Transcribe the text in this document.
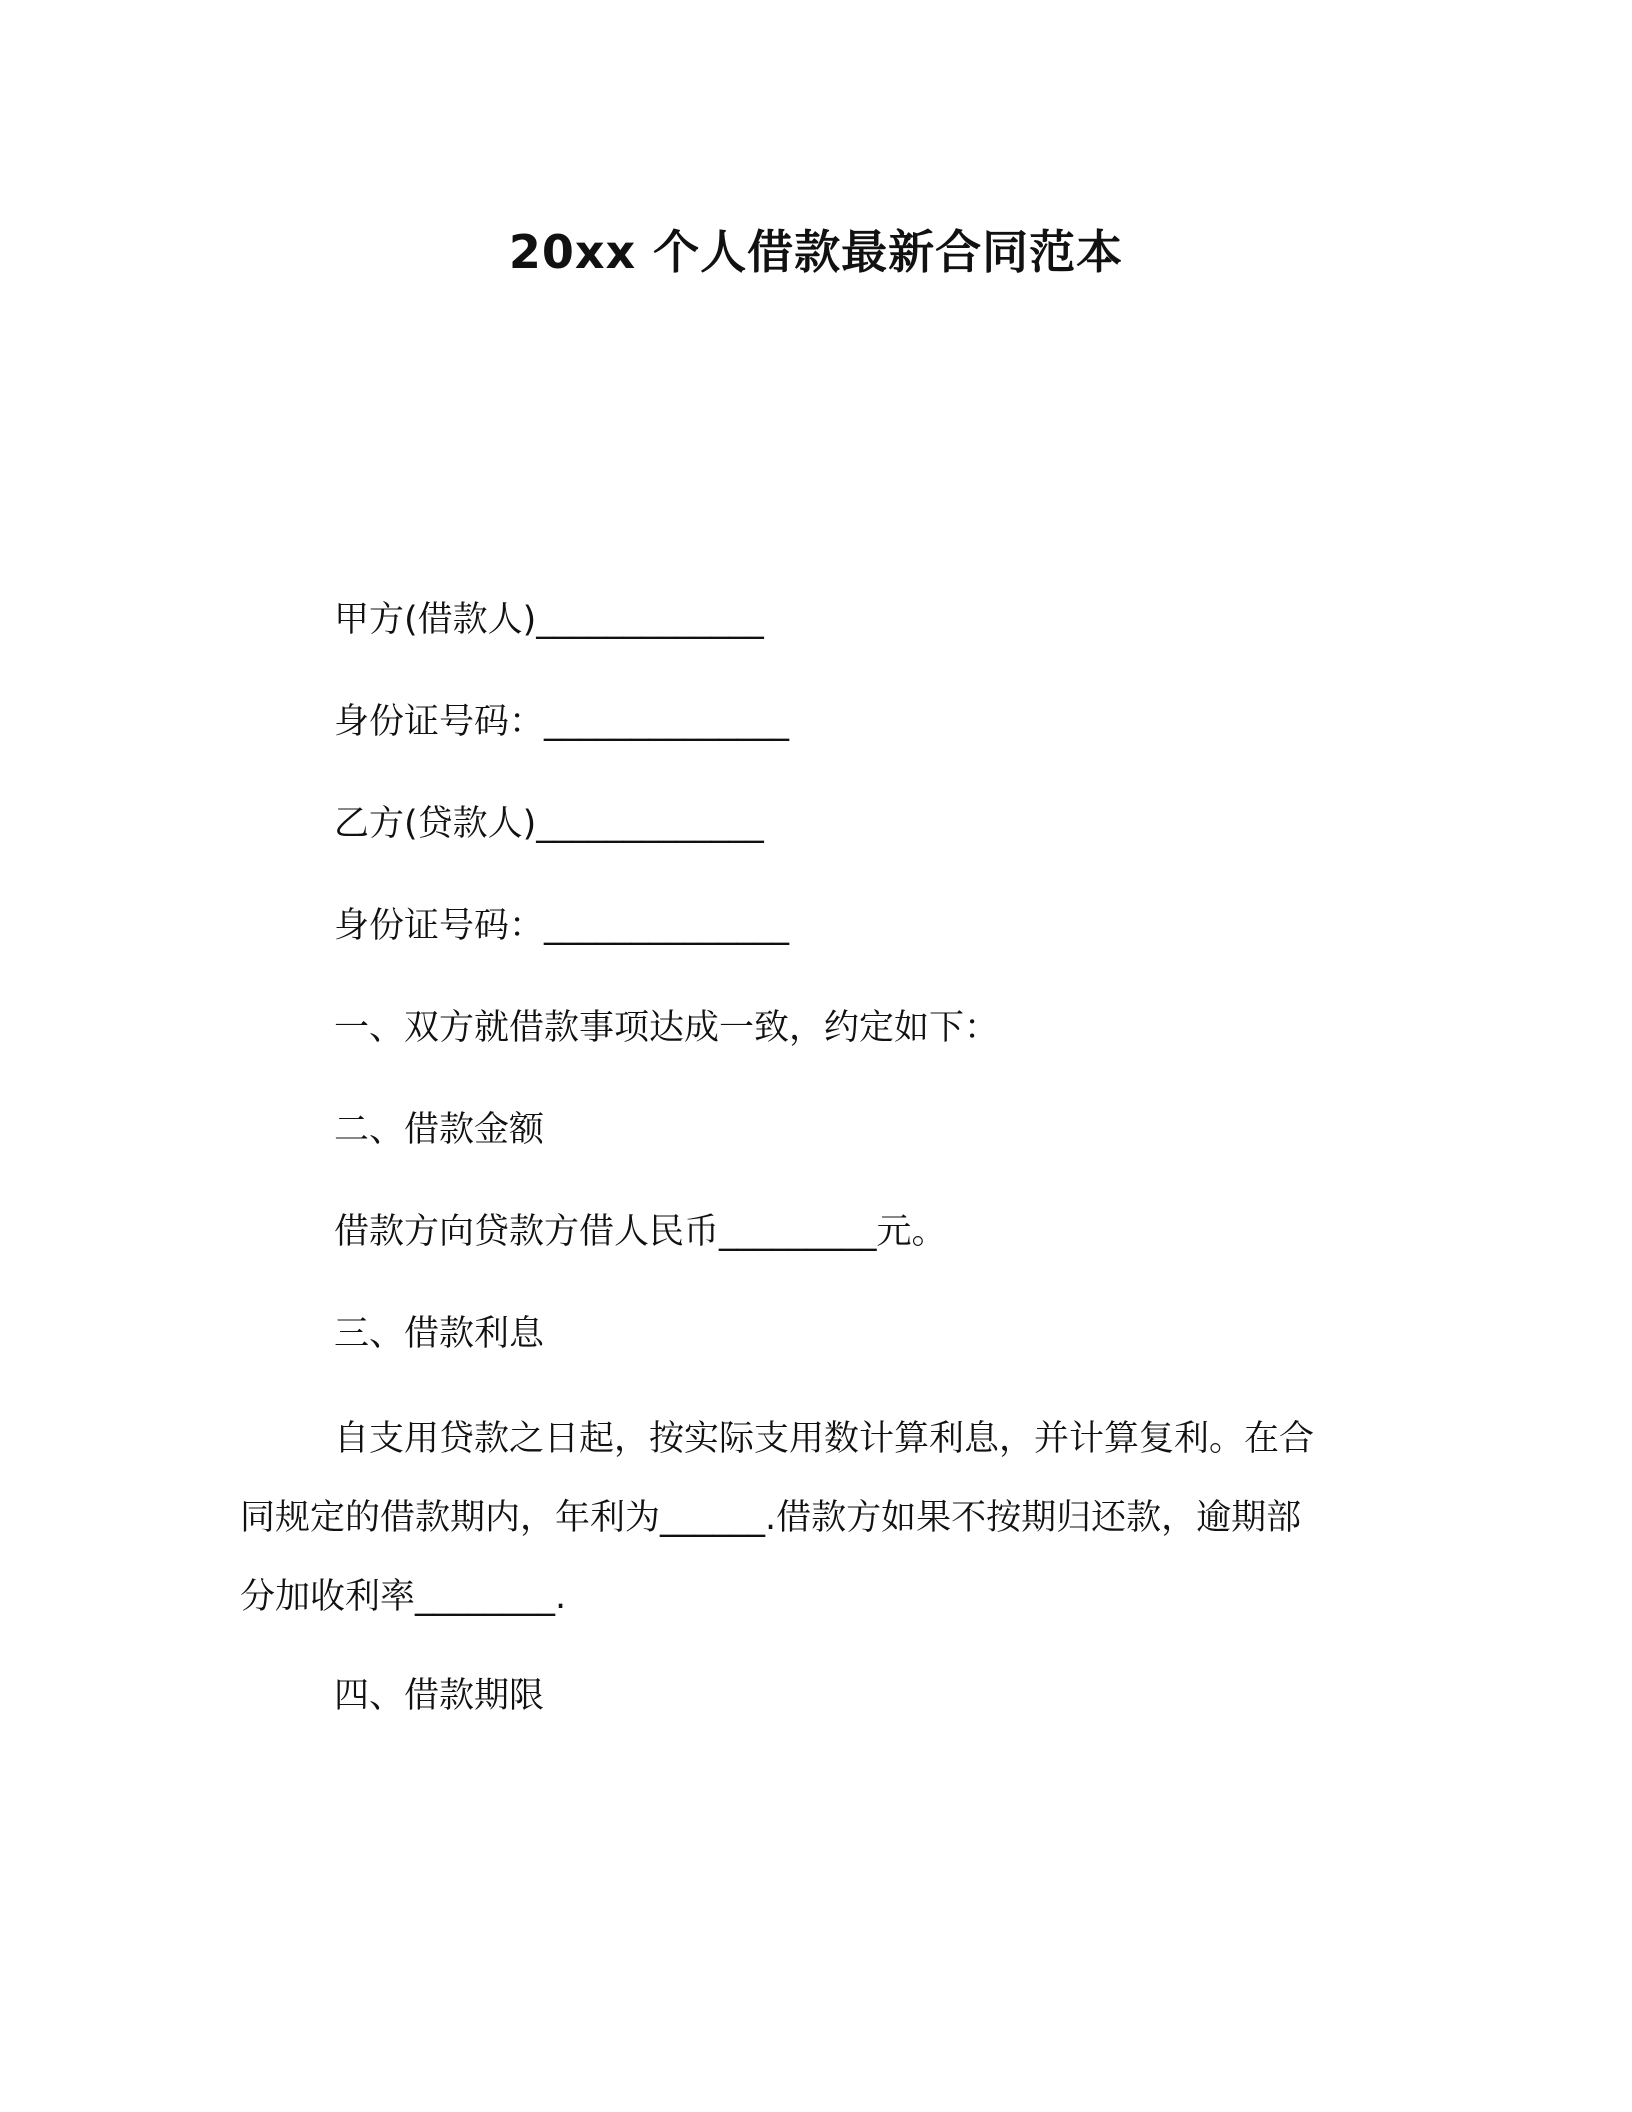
20xx 个人借款最新合同范本
甲方(借款人)_____________
身份证号码：______________
乙方(贷款人)_____________
身份证号码：______________
一、双方就借款事项达成一致，约定如下：
二、借款金额
借款方向贷款方借人民币_________元。
三、借款利息
自支用贷款之日起，按实际支用数计算利息，并计算复利。在合
同规定的借款期内，年利为______.借款方如果不按期归还款，逾期部
分加收利率________.
四、借款期限
